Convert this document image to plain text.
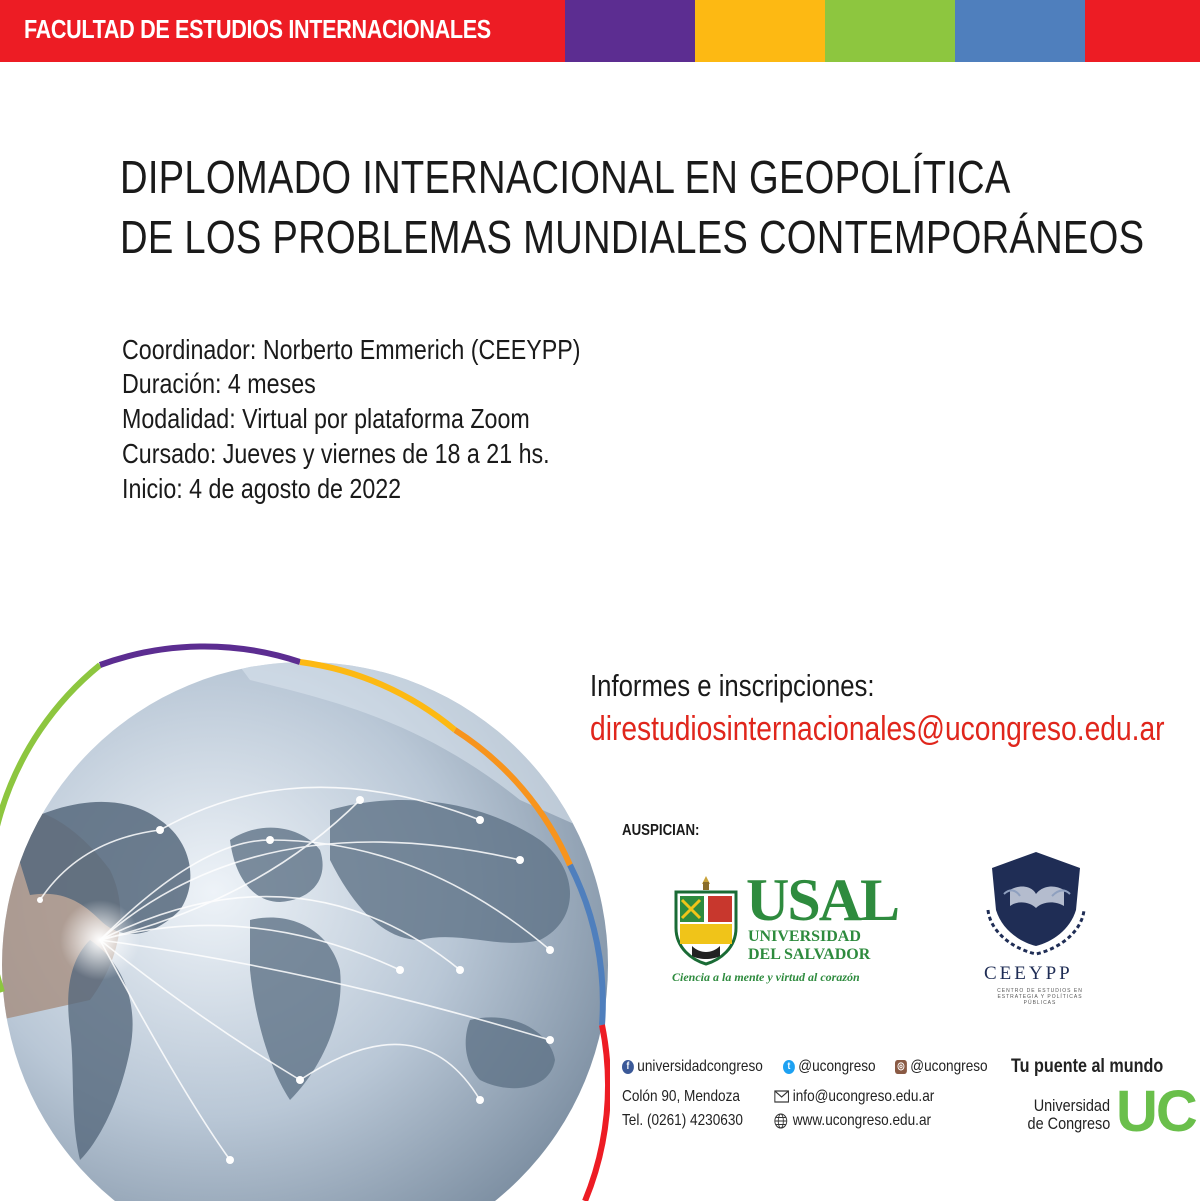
FACULTAD DE ESTUDIOS INTERNACIONALES
DIPLOMADO INTERNACIONAL EN GEOPOLÍTICA
DE LOS PROBLEMAS MUNDIALES CONTEMPORÁNEOS
Coordinador: Norberto Emmerich (CEEYPP)
Duración: 4 meses
Modalidad: Virtual por plataforma Zoom
Cursado: Jueves y viernes de 18 a 21 hs.
Inicio: 4 de agosto de 2022
Informes e inscripciones:
direstudiosinternacionales@ucongreso.edu.ar
AUSPICIAN:
USAL
UNIVERSIDAD
DEL SALVADOR
Ciencia a la mente y virtud al corazón	CEEYPP
CENTRO DE ESTUDIOS EN ESTRATEGIA Y POLÍTICAS PÚBLICAS
f universidadcongreso	t @ucongreso ◎ @ucongreso
Colón 90, Mendoza
Tel. (0261) 4230630
info@ucongreso.edu.ar
www.ucongreso.edu.ar
Tu puente al mundo
Universidad
de Congreso UC
